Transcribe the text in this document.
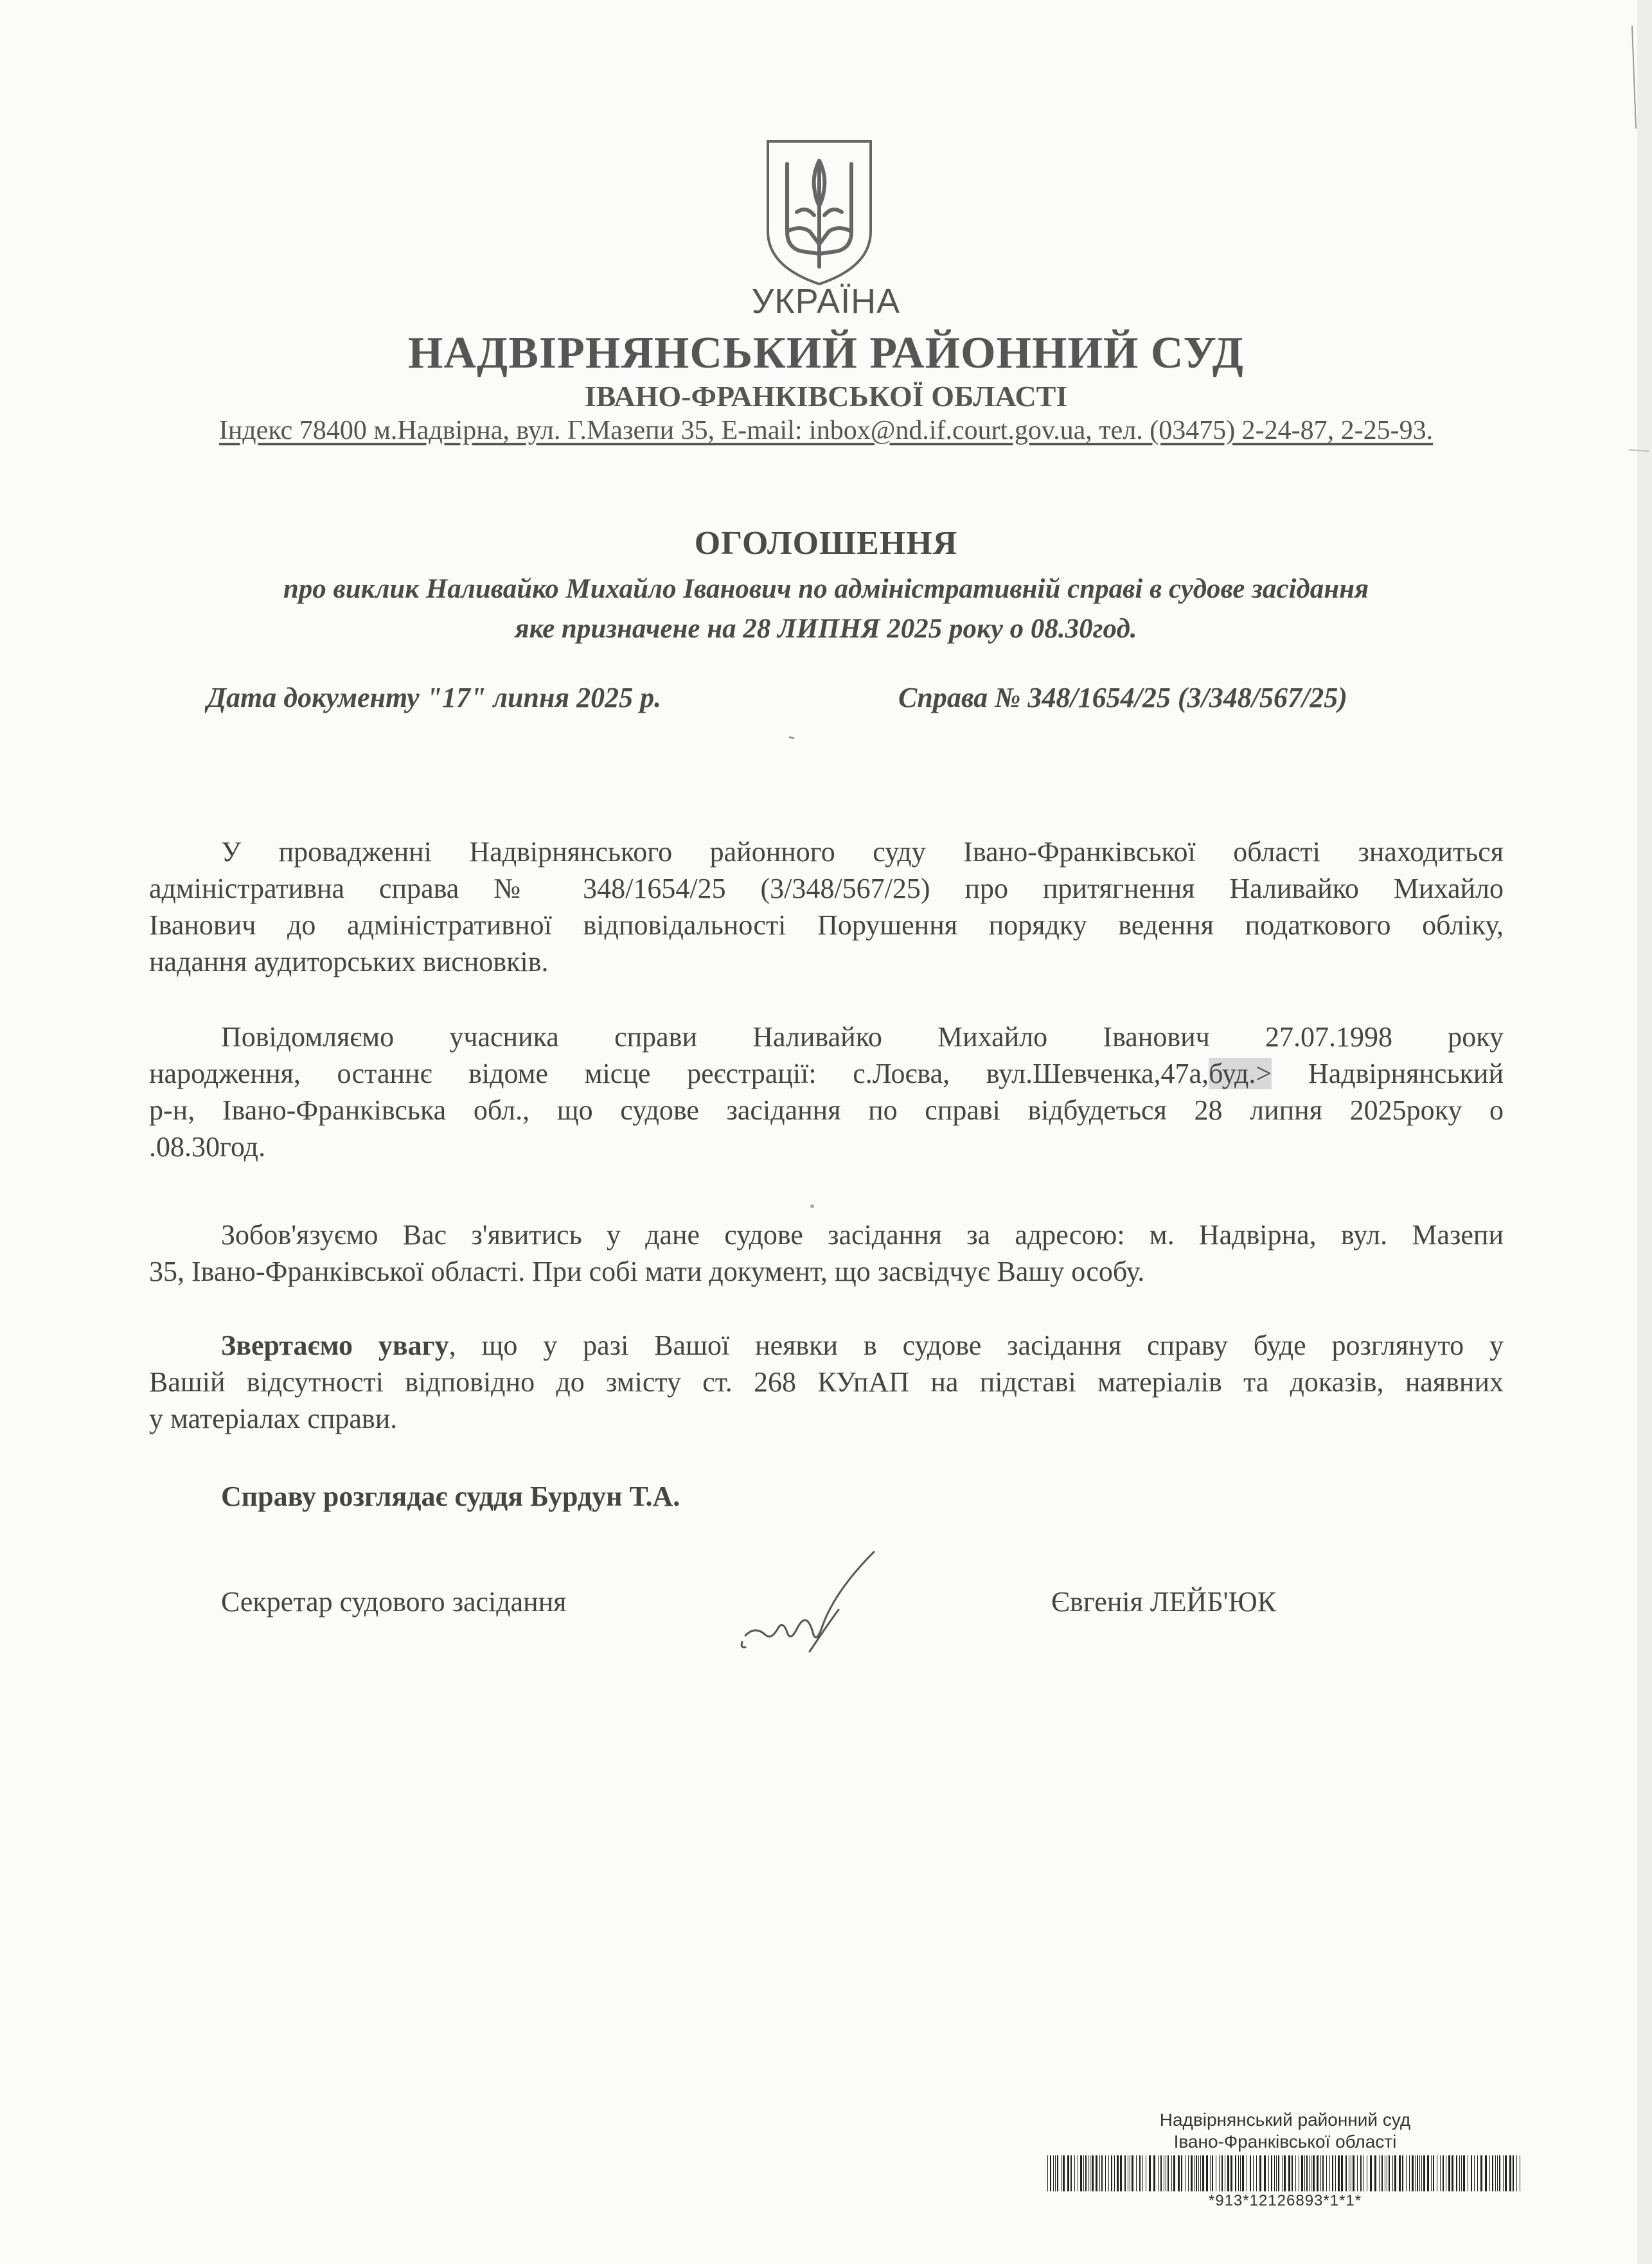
УКРАЇНА
НАДВІРНЯНСЬКИЙ РАЙОННИЙ СУД
ІВАНО-ФРАНКІВСЬКОЇ ОБЛАСТІ
Індекс 78400 м.Надвірна, вул. Г.Мазепи 35, E-mail: inbox@nd.if.court.gov.ua, тел. (03475) 2-24-87, 2-25-93.
ОГОЛОШЕННЯ
про виклик Наливайко Михайло Іванович по адміністративній справі в судове засідання
яке призначене на 28 ЛИПНЯ 2025 року о 08.30год.
Дата документу "17" липня 2025 р.	Справа № 348/1654/25 (3/348/567/25)
У провадженні Надвірнянського районного суду Івано-Франківської області знаходиться
адміністративна справа № 348/1654/25 (3/348/567/25) про притягнення Наливайко Михайло
Іванович до адміністративної відповідальності Порушення порядку ведення податкового обліку,
надання аудиторських висновків.
Повідомляємо учасника справи Наливайко Михайло Іванович 27.07.1998 року
народження, останнє відоме місце реєстрації: с.Лоєва, вул.Шевченка,47а,буд.> Надвірнянський
р-н, Івано-Франківська обл., що судове засідання по справі відбудеться 28 липня 2025року о
.08.30год.
Зобов'язуємо Вас з'явитись у дане судове засідання за адресою: м. Надвірна, вул. Мазепи
35, Івано-Франківської області. При собі мати документ, що засвідчує Вашу особу.
Звертаємо увагу, що у разі Вашої неявки в судове засідання справу буде розглянуто у
Вашій відсутності відповідно до змісту ст. 268 КУпАП на підставі матеріалів та доказів, наявних
у матеріалах справи.
Справу розглядає суддя Бурдун Т.А.
Секретар судового засідання	Євгенія ЛЕЙБ'ЮК
Надвірнянський районний суд
Івано-Франківської області
*913*12126893*1*1*
